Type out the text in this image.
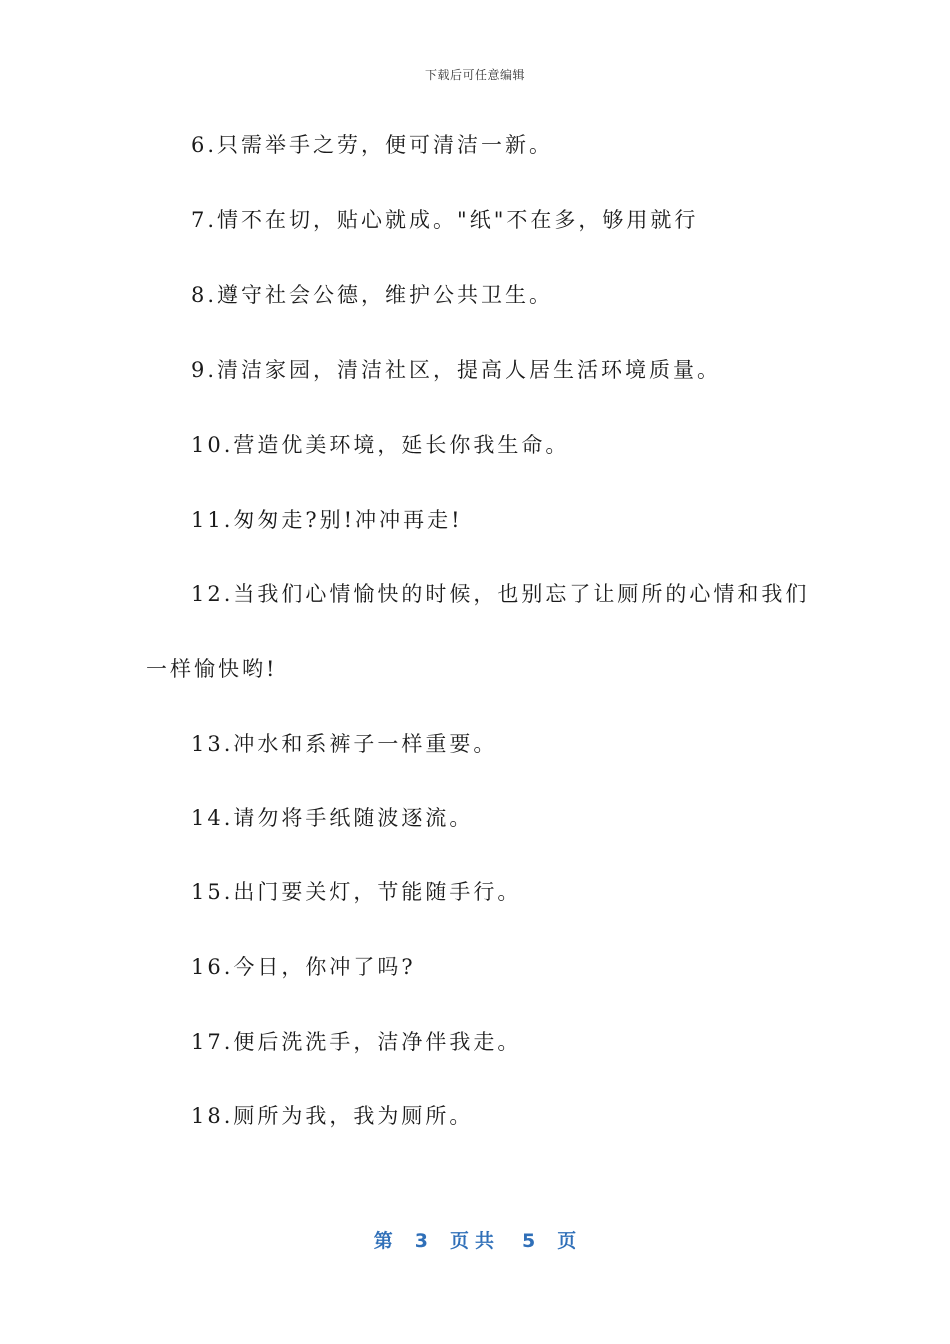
下载后可任意编辑
6.只需举手之劳，便可清洁一新。
7.情不在切，贴心就成。"纸"不在多，够用就行
8.遵守社会公德，维护公共卫生。
9.清洁家园，清洁社区，提高人居生活环境质量。
10.营造优美环境，延长你我生命。
11.匆匆走?别!冲冲再走!
12.当我们心情愉快的时候，也别忘了让厕所的心情和我们
一样愉快哟!
13.冲水和系裤子一样重要。
14.请勿将手纸随波逐流。
15.出门要关灯，节能随手行。
16.今日，你冲了吗?
17.便后洗洗手，洁净伴我走。
18.厕所为我，我为厕所。
第 3 页共 5 页
